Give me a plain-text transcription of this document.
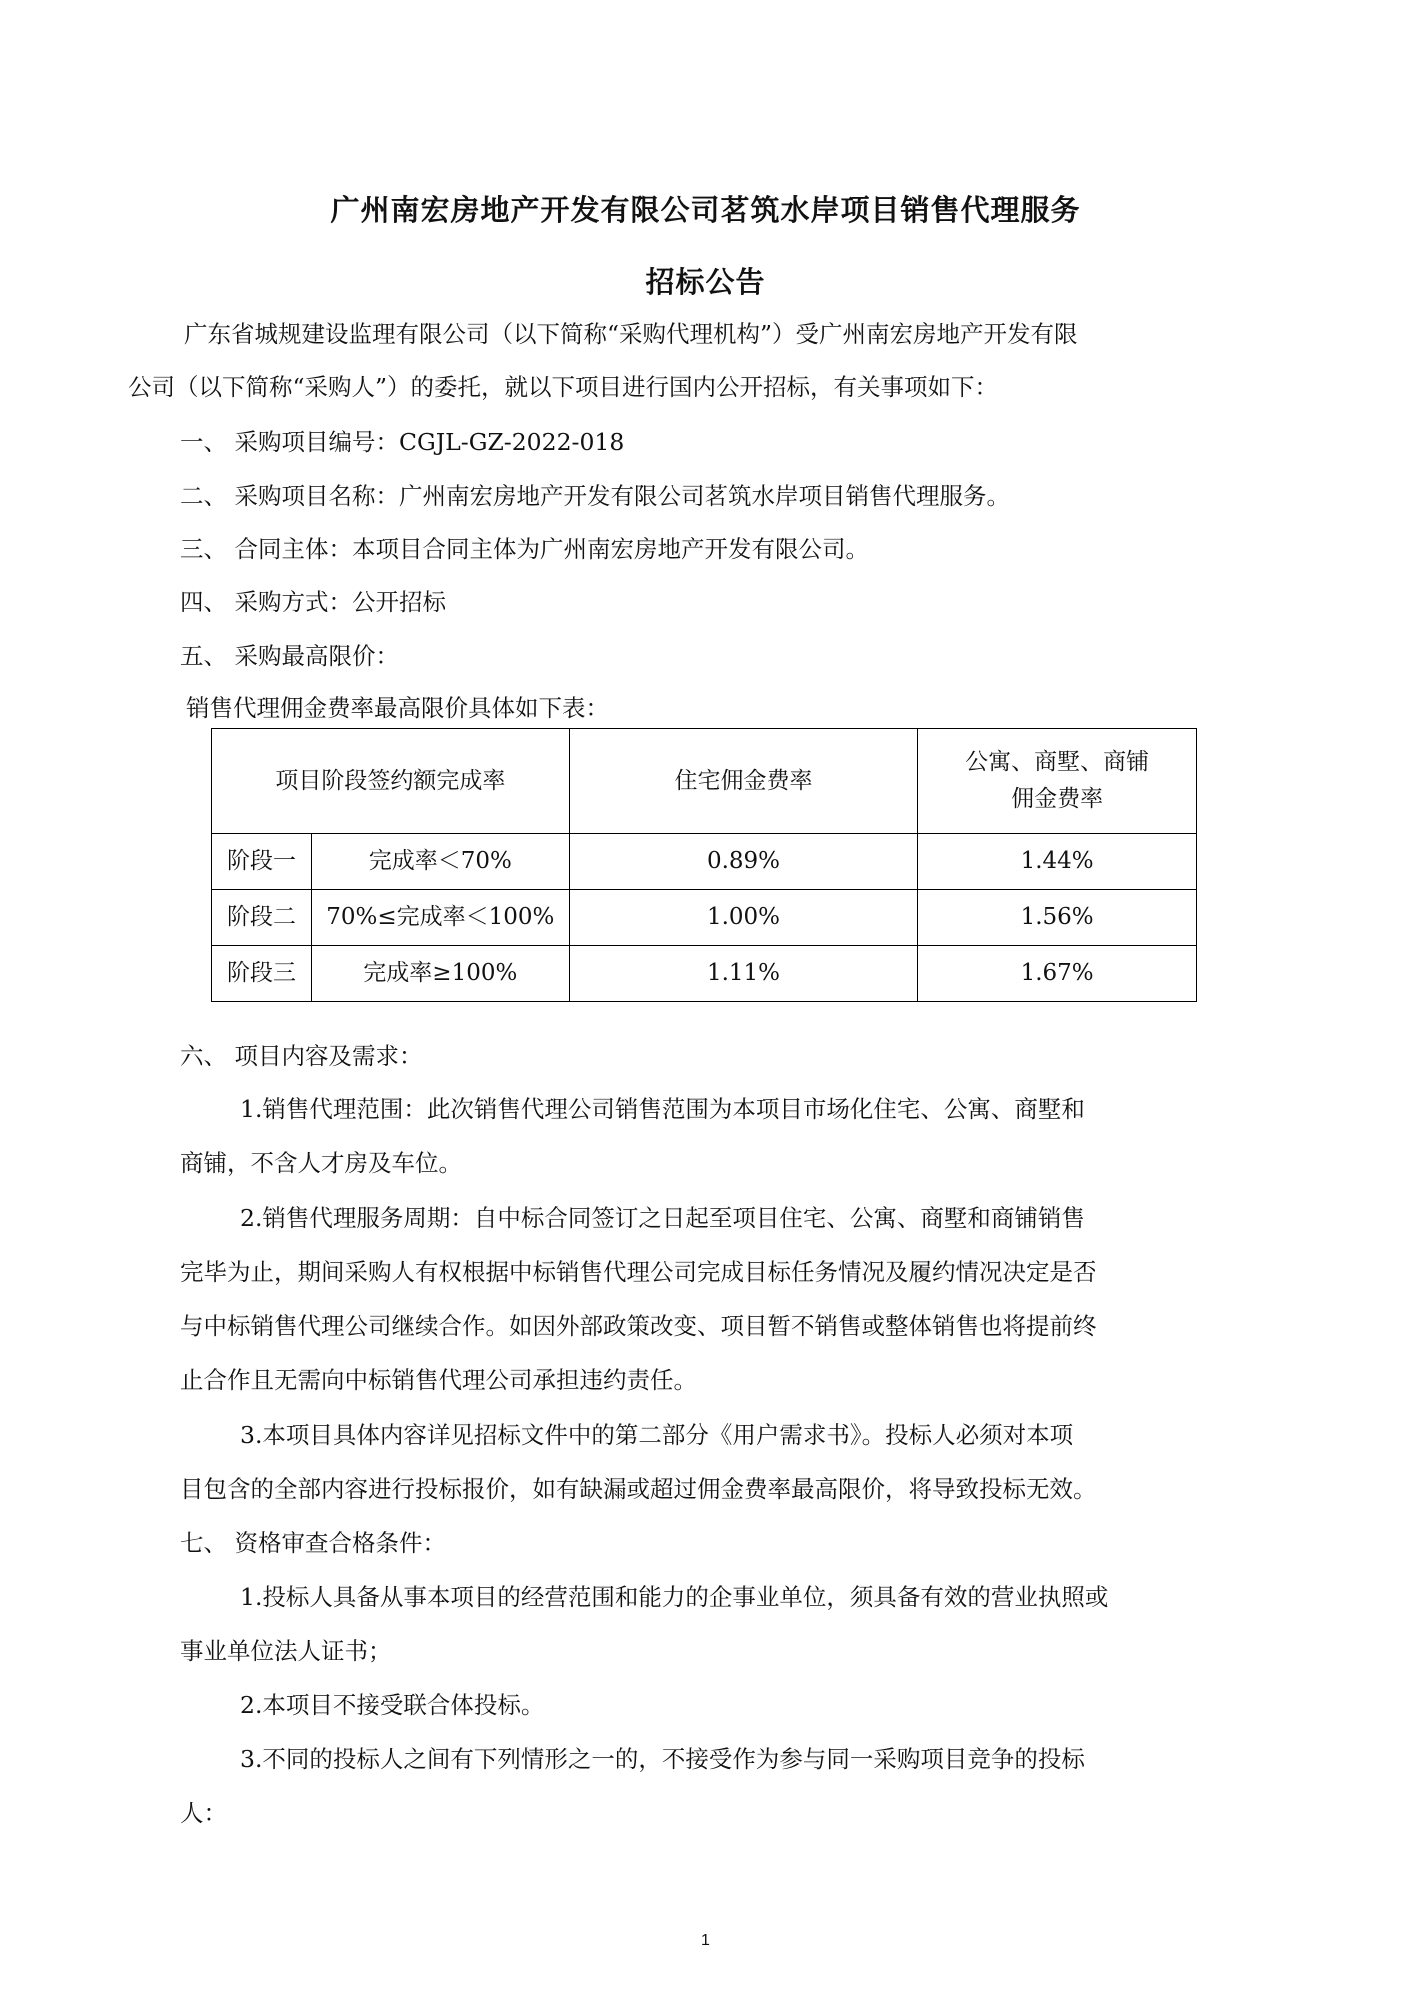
广州南宏房地产开发有限公司茗筑水岸项目销售代理服务
招标公告
广东省城规建设监理有限公司（以下简称“采购代理机构”）受广州南宏房地产开发有限
公司（以下简称“采购人”）的委托，就以下项目进行国内公开招标，有关事项如下：
一、 采购项目编号：CGJL-GZ-2022-018
二、 采购项目名称：广州南宏房地产开发有限公司茗筑水岸项目销售代理服务。
三、 合同主体：本项目合同主体为广州南宏房地产开发有限公司。
四、 采购方式：公开招标
五、 采购最高限价：
销售代理佣金费率最高限价具体如下表：
项目阶段签约额完成率		住宅佣金费率	公寓、商墅、商铺
佣金费率
阶段一	完成率＜70%	0.89%	1.44%
阶段二	70%≤完成率＜100%	1.00%	1.56%
阶段三	完成率≥100%	1.11%	1.67%
六、 项目内容及需求：
1.销售代理范围：此次销售代理公司销售范围为本项目市场化住宅、公寓、商墅和
商铺，不含人才房及车位。
2.销售代理服务周期：自中标合同签订之日起至项目住宅、公寓、商墅和商铺销售
完毕为止，期间采购人有权根据中标销售代理公司完成目标任务情况及履约情况决定是否
与中标销售代理公司继续合作。如因外部政策改变、项目暂不销售或整体销售也将提前终
止合作且无需向中标销售代理公司承担违约责任。
3.本项目具体内容详见招标文件中的第二部分《用户需求书》。投标人必须对本项
目包含的全部内容进行投标报价，如有缺漏或超过佣金费率最高限价，将导致投标无效。
七、 资格审查合格条件：
1.投标人具备从事本项目的经营范围和能力的企事业单位，须具备有效的营业执照或
事业单位法人证书；
2.本项目不接受联合体投标。
3.不同的投标人之间有下列情形之一的，不接受作为参与同一采购项目竞争的投标
人：
1
